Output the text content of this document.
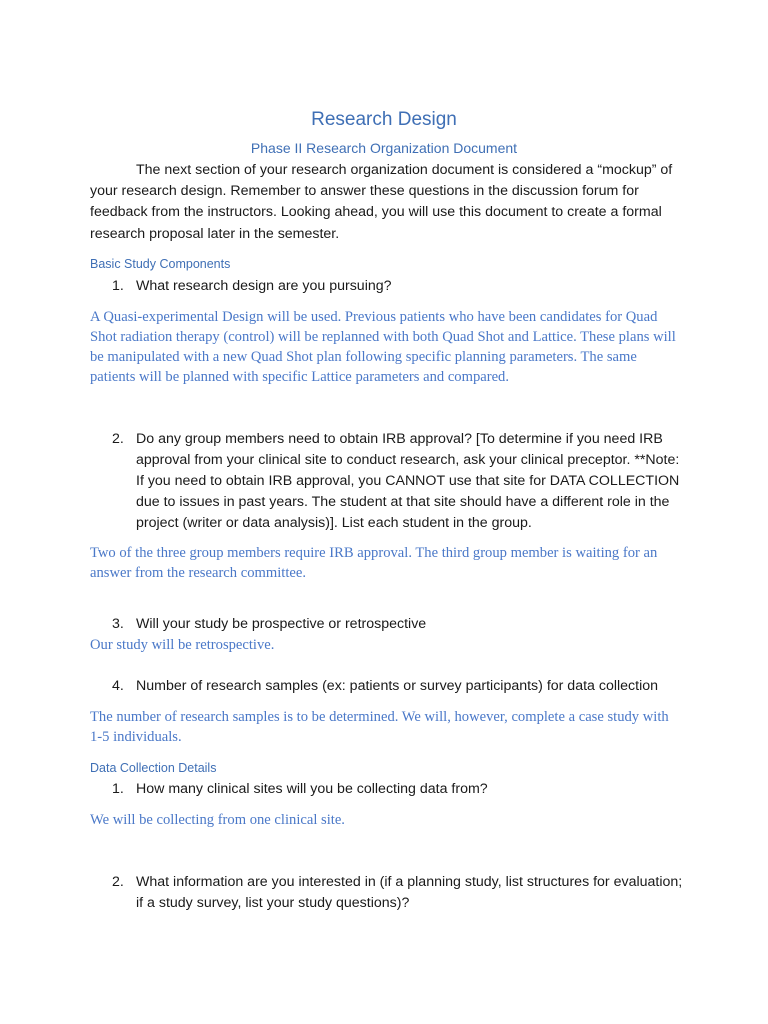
Research Design
Phase II Research Organization Document

The next section of your research organization document is considered a “mockup” of your research design. Remember to answer these questions in the discussion forum for feedback from the instructors. Looking ahead, you will use this document to create a formal research proposal later in the semester.

Basic Study Components
1. What research design are you pursuing?

A Quasi-experimental Design will be used. Previous patients who have been candidates for Quad Shot radiation therapy (control) will be replanned with both Quad Shot and Lattice. These plans will be manipulated with a new Quad Shot plan following specific planning parameters. The same patients will be planned with specific Lattice parameters and compared.

2. Do any group members need to obtain IRB approval? [To determine if you need IRB approval from your clinical site to conduct research, ask your clinical preceptor. **Note: If you need to obtain IRB approval, you CANNOT use that site for DATA COLLECTION due to issues in past years. The student at that site should have a different role in the project (writer or data analysis)]. List each student in the group.

Two of the three group members require IRB approval. The third group member is waiting for an answer from the research committee.

3. Will your study be prospective or retrospective

Our study will be retrospective.

4. Number of research samples (ex: patients or survey participants) for data collection

The number of research samples is to be determined. We will, however, complete a case study with 1-5 individuals.

Data Collection Details
1. How many clinical sites will you be collecting data from?

We will be collecting from one clinical site.

2. What information are you interested in (if a planning study, list structures for evaluation; if a study survey, list your study questions)?
